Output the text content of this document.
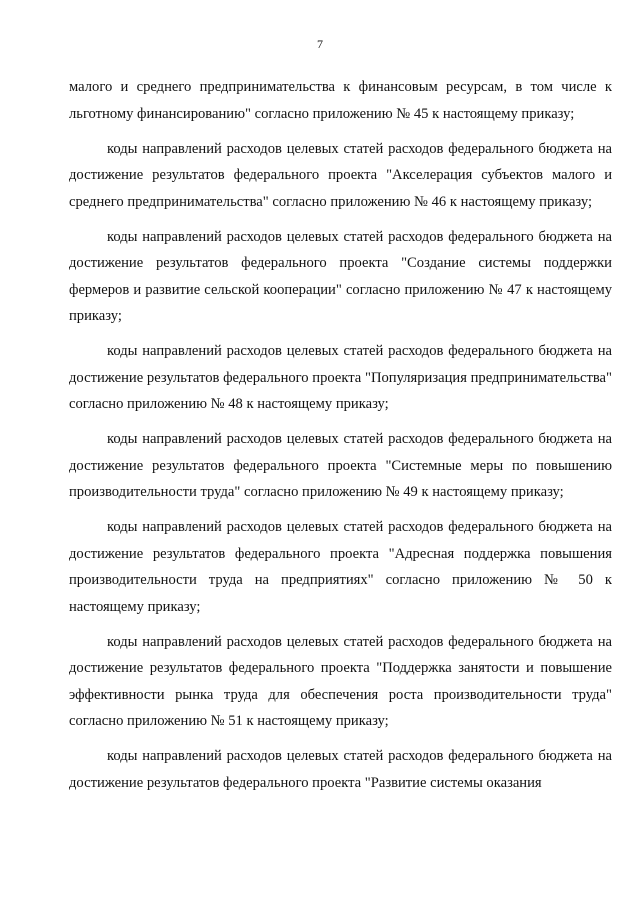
7

малого и среднего предпринимательства к финансовым ресурсам, в том числе к льготному финансированию" согласно приложению № 45 к настоящему приказу;

коды направлений расходов целевых статей расходов федерального бюджета на достижение результатов федерального проекта "Акселерация субъектов малого и среднего предпринимательства" согласно приложению № 46 к настоящему приказу;

коды направлений расходов целевых статей расходов федерального бюджета на достижение результатов федерального проекта "Создание системы поддержки фермеров и развитие сельской кооперации" согласно приложению № 47 к настоящему приказу;

коды направлений расходов целевых статей расходов федерального бюджета на достижение результатов федерального проекта "Популяризация предпринимательства" согласно приложению № 48 к настоящему приказу;

коды направлений расходов целевых статей расходов федерального бюджета на достижение результатов федерального проекта "Системные меры по повышению производительности труда" согласно приложению № 49 к настоящему приказу;

коды направлений расходов целевых статей расходов федерального бюджета на достижение результатов федерального проекта "Адресная поддержка повышения производительности труда на предприятиях" согласно приложению № 50 к настоящему приказу;

коды направлений расходов целевых статей расходов федерального бюджета на достижение результатов федерального проекта "Поддержка занятости и повышение эффективности рынка труда для обеспечения роста производительности труда" согласно приложению № 51 к настоящему приказу;

коды направлений расходов целевых статей расходов федерального бюджета на достижение результатов федерального проекта "Развитие системы оказания
